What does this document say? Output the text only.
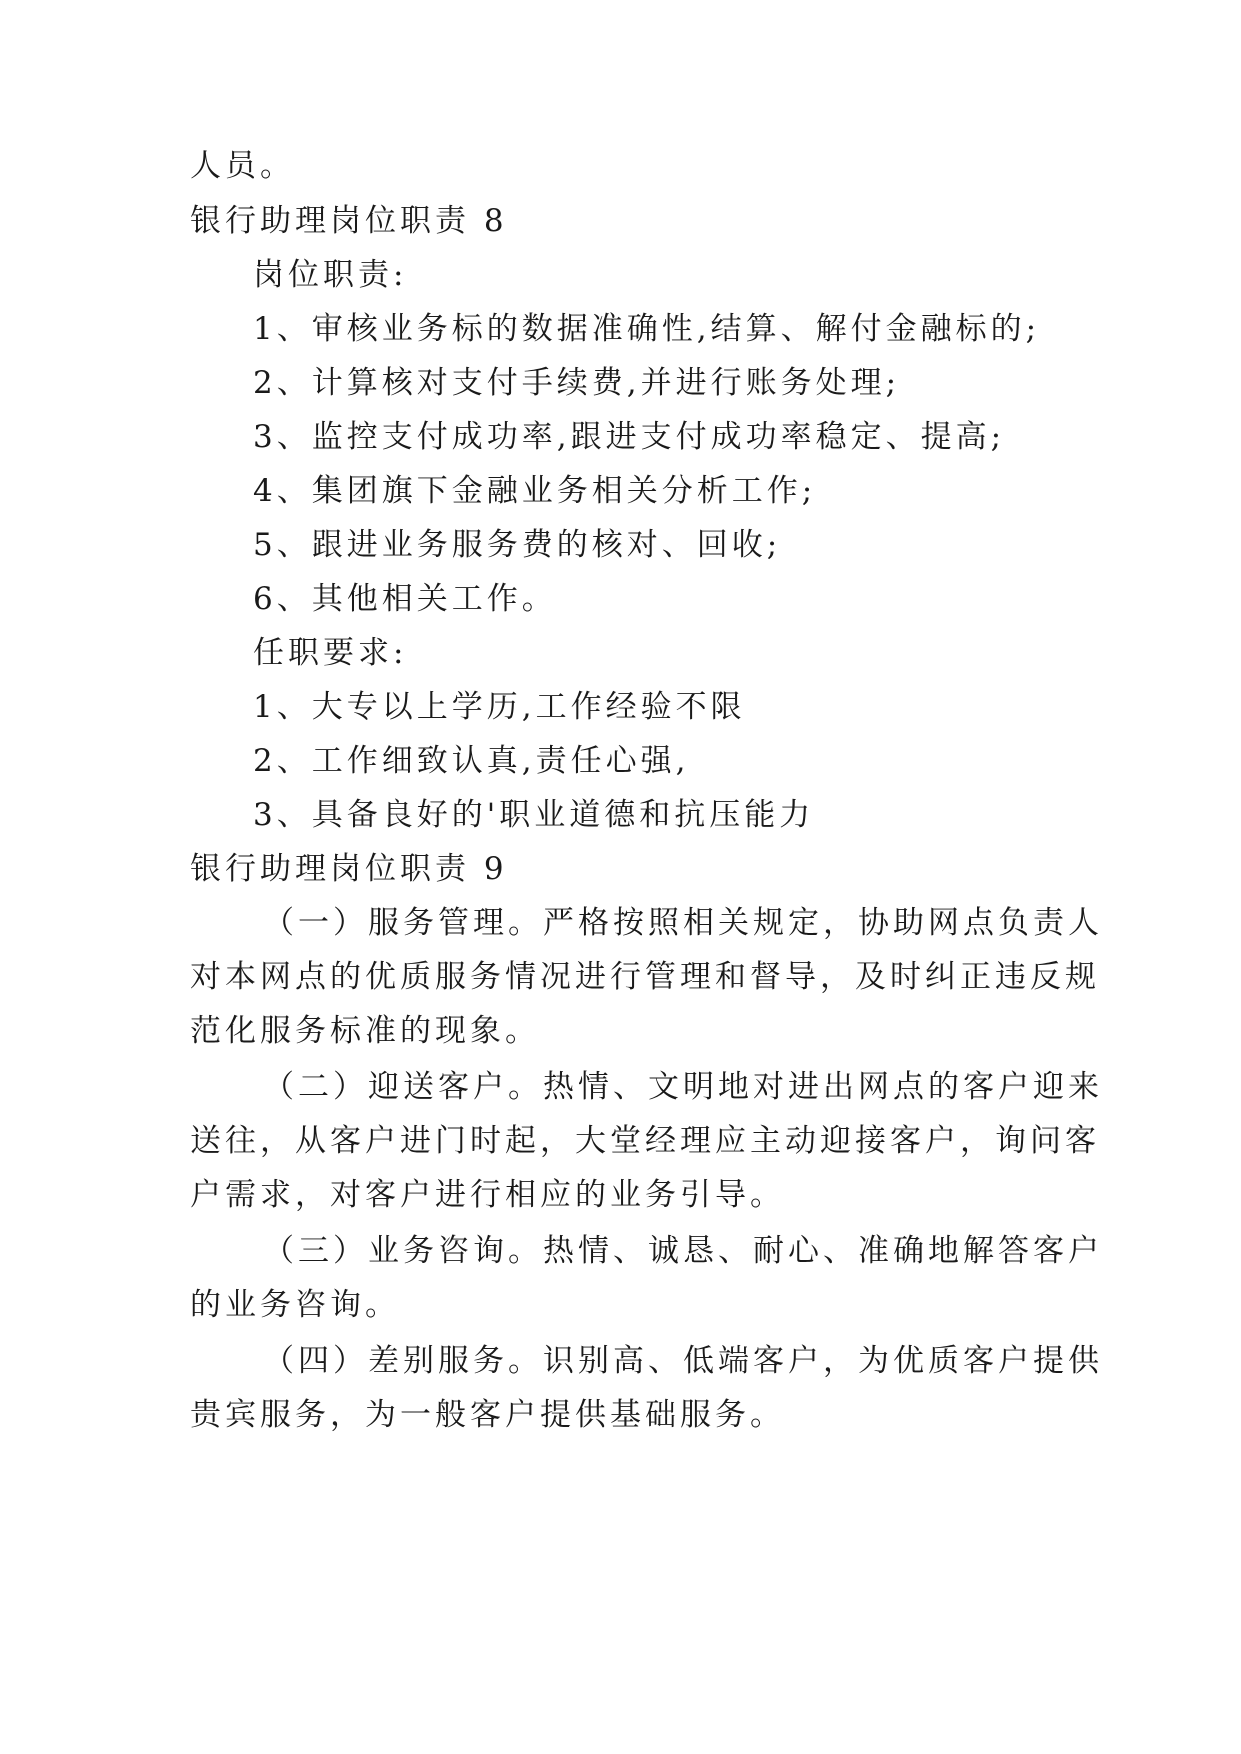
人员。
银行助理岗位职责 8
岗位职责:
1、审核业务标的数据准确性,结算、解付金融标的;
2、计算核对支付手续费,并进行账务处理;
3、监控支付成功率,跟进支付成功率稳定、提高;
4、集团旗下金融业务相关分析工作;
5、跟进业务服务费的核对、回收;
6、其他相关工作。
任职要求:
1、大专以上学历,工作经验不限
2、工作细致认真,责任心强,
3、具备良好的'职业道德和抗压能力
银行助理岗位职责 9
（一）服务管理。严格按照相关规定，协助网点负责人
对本网点的优质服务情况进行管理和督导，及时纠正违反规
范化服务标准的现象。
（二）迎送客户。热情、文明地对进出网点的客户迎来
送往，从客户进门时起，大堂经理应主动迎接客户，询问客
户需求，对客户进行相应的业务引导。
（三）业务咨询。热情、诚恳、耐心、准确地解答客户
的业务咨询。
（四）差别服务。识别高、低端客户，为优质客户提供
贵宾服务，为一般客户提供基础服务。
